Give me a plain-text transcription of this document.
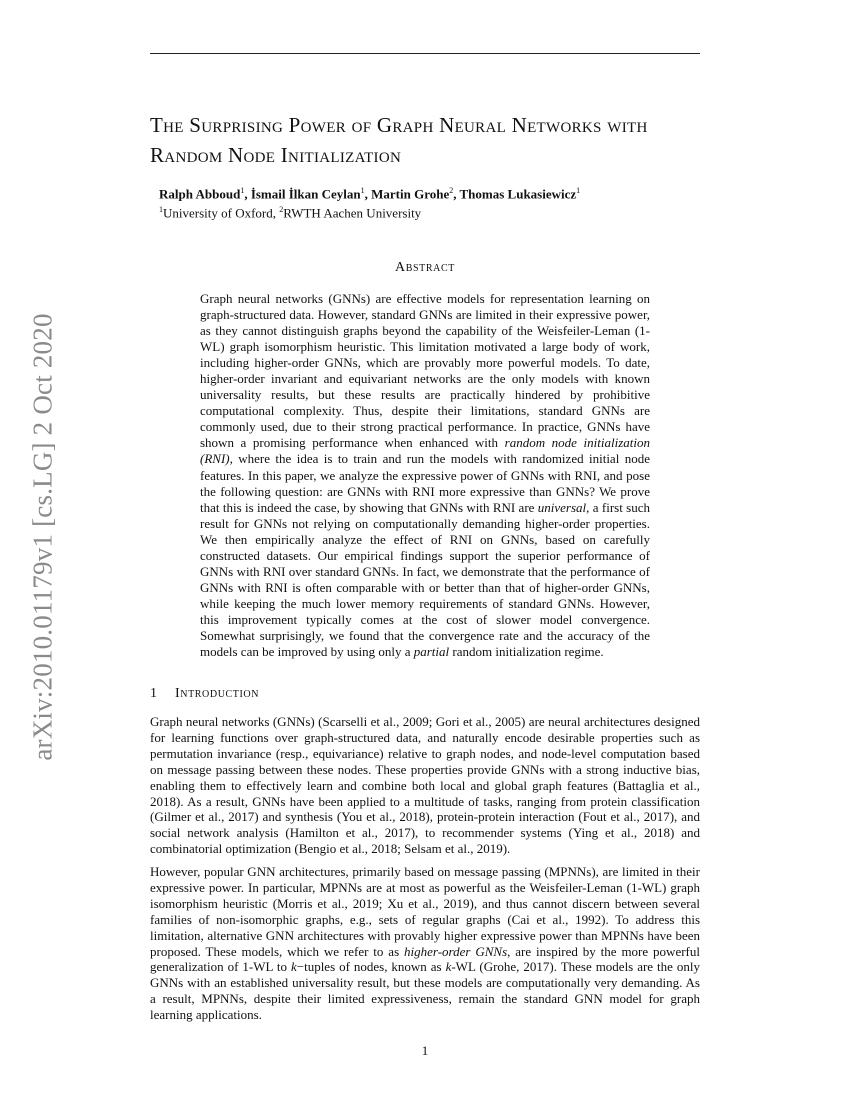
arXiv:2010.01179v1 [cs.LG] 2 Oct 2020
The Surprising Power of Graph Neural Networks with Random Node Initialization
Ralph Abboud$^1$, İsmail İlkan Ceylan$^1$, Martin Grohe$^2$, Thomas Lukasiewicz$^1$
$^1$University of Oxford, $^2$RWTH Aachen University
Abstract

Graph neural networks (GNNs) are effective models for representation learning on graph-structured data. However, standard GNNs are limited in their expressive power, as they cannot distinguish graphs beyond the capability of the Weisfeiler-Leman (1-WL) graph isomorphism heuristic. This limitation motivated a large body of work, including higher-order GNNs, which are provably more powerful models. To date, higher-order invariant and equivariant networks are the only models with known universality results, but these results are practically hindered by prohibitive computational complexity. Thus, despite their limitations, standard GNNs are commonly used, due to their strong practical performance. In practice, GNNs have shown a promising performance when enhanced with random node initialization (RNI), where the idea is to train and run the models with randomized initial node features. In this paper, we analyze the expressive power of GNNs with RNI, and pose the following question: are GNNs with RNI more expressive than GNNs? We prove that this is indeed the case, by showing that GNNs with RNI are universal, a first such result for GNNs not relying on computationally demanding higher-order properties. We then empirically analyze the effect of RNI on GNNs, based on carefully constructed datasets. Our empirical findings support the superior performance of GNNs with RNI over standard GNNs. In fact, we demonstrate that the performance of GNNs with RNI is often comparable with or better than that of higher-order GNNs, while keeping the much lower memory requirements of standard GNNs. However, this improvement typically comes at the cost of slower model convergence. Somewhat surprisingly, we found that the convergence rate and the accuracy of the models can be improved by using only a partial random initialization regime.

1 Introduction

Graph neural networks (GNNs) (Scarselli et al., 2009; Gori et al., 2005) are neural architectures designed for learning functions over graph-structured data, and naturally encode desirable properties such as permutation invariance (resp., equivariance) relative to graph nodes, and node-level computation based on message passing between these nodes. These properties provide GNNs with a strong inductive bias, enabling them to effectively learn and combine both local and global graph features (Battaglia et al., 2018). As a result, GNNs have been applied to a multitude of tasks, ranging from protein classification (Gilmer et al., 2017) and synthesis (You et al., 2018), protein-protein interaction (Fout et al., 2017), and social network analysis (Hamilton et al., 2017), to recommender systems (Ying et al., 2018) and combinatorial optimization (Bengio et al., 2018; Selsam et al., 2019).

However, popular GNN architectures, primarily based on message passing (MPNNs), are limited in their expressive power. In particular, MPNNs are at most as powerful as the Weisfeiler-Leman (1-WL) graph isomorphism heuristic (Morris et al., 2019; Xu et al., 2019), and thus cannot discern between several families of non-isomorphic graphs, e.g., sets of regular graphs (Cai et al., 1992). To address this limitation, alternative GNN architectures with provably higher expressive power than MPNNs have been proposed. These models, which we refer to as higher-order GNNs, are inspired by the more powerful generalization of 1-WL to k−tuples of nodes, known as k-WL (Grohe, 2017). These models are the only GNNs with an established universality result, but these models are computationally very demanding. As a result, MPNNs, despite their limited expressiveness, remain the standard GNN model for graph learning applications.

1
